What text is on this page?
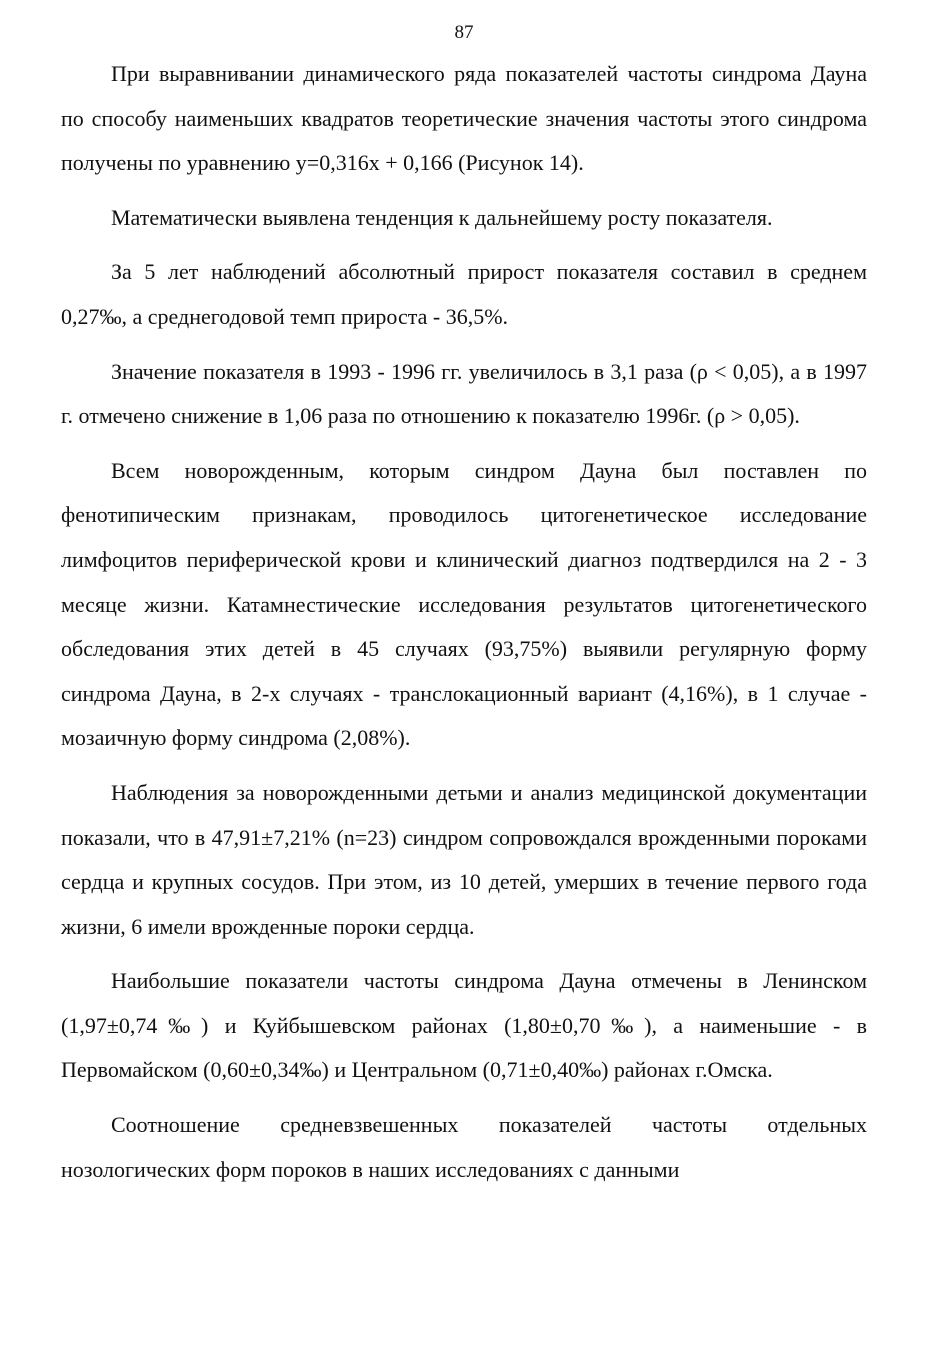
87

При выравнивании динамического ряда показателей частоты синдрома Дауна по способу наименьших квадратов теоретические значения частоты этого синдрома получены по уравнению y=0,316x + 0,166 (Рисунок 14).

Математически выявлена тенденция к дальнейшему росту показателя.

За 5 лет наблюдений абсолютный прирост показателя составил в среднем 0,27‰, а среднегодовой темп прироста - 36,5%.

Значение показателя в 1993 - 1996 гг. увеличилось в 3,1 раза (ρ < 0,05), а в 1997 г. отмечено снижение в 1,06 раза по отношению к показателю 1996г. (ρ > 0,05).

Всем новорожденным, которым синдром Дауна был поставлен по фенотипическим признакам, проводилось цитогенетическое исследование лимфоцитов периферической крови и клинический диагноз подтвердился на 2 - 3 месяце жизни. Катамнестические исследования результатов цитогенетического обследования этих детей в 45 случаях (93,75%) выявили регулярную форму синдрома Дауна, в 2-х случаях - транслокационный вариант (4,16%), в 1 случае - мозаичную форму синдрома (2,08%).

Наблюдения за новорожденными детьми и анализ медицинской документации показали, что в 47,91±7,21% (n=23) синдром сопровождался врожденными пороками сердца и крупных сосудов. При этом, из 10 детей, умерших в течение первого года жизни, 6 имели врожденные пороки сердца.

Наибольшие показатели частоты синдрома Дауна отмечены в Ленинском (1,97±0,74‰) и Куйбышевском районах (1,80±0,70‰), а наименьшие - в Первомайском (0,60±0,34‰) и Центральном (0,71±0,40‰) районах г.Омска.

Соотношение средневзвешенных показателей частоты отдельных нозологических форм пороков в наших исследованиях с данными
